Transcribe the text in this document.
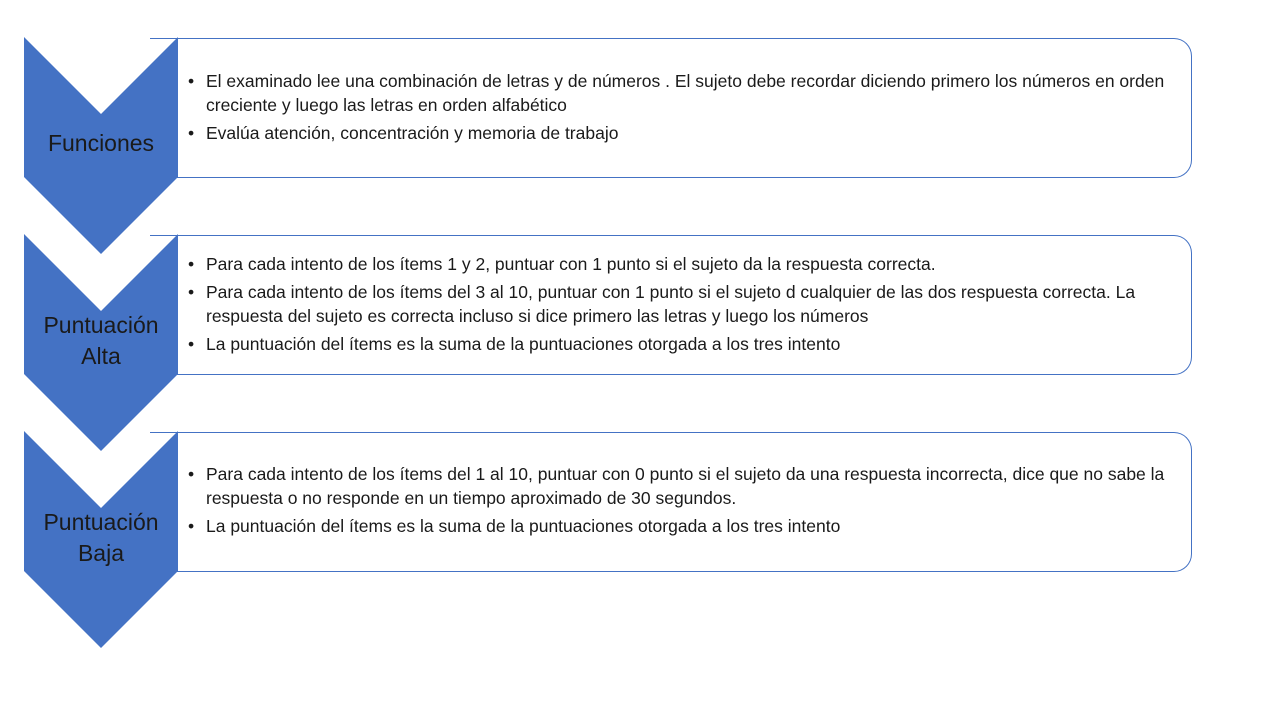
• El examinado lee una combinación de letras y de números . El sujeto debe recordar diciendo primero los números en orden creciente y luego las letras en orden alfabético
• Evalúa atención, concentración y memoria de trabajo
Funciones
• Para cada intento de los ítems 1 y 2, puntuar con 1 punto si el sujeto da la respuesta correcta.
• Para cada intento de los ítems del 3 al 10, puntuar con 1 punto si el sujeto d cualquier de las dos respuesta correcta. La respuesta del sujeto es correcta incluso si dice primero las letras y luego los números
• La puntuación del ítems es la suma de la puntuaciones otorgada a los tres intento
Puntuación
Alta
• Para cada intento de los ítems del 1 al 10, puntuar con 0 punto si el sujeto da una respuesta incorrecta, dice que no sabe la respuesta o no responde en un tiempo aproximado de 30 segundos.
• La puntuación del ítems es la suma de la puntuaciones otorgada a los tres intento
Puntuación
Baja
